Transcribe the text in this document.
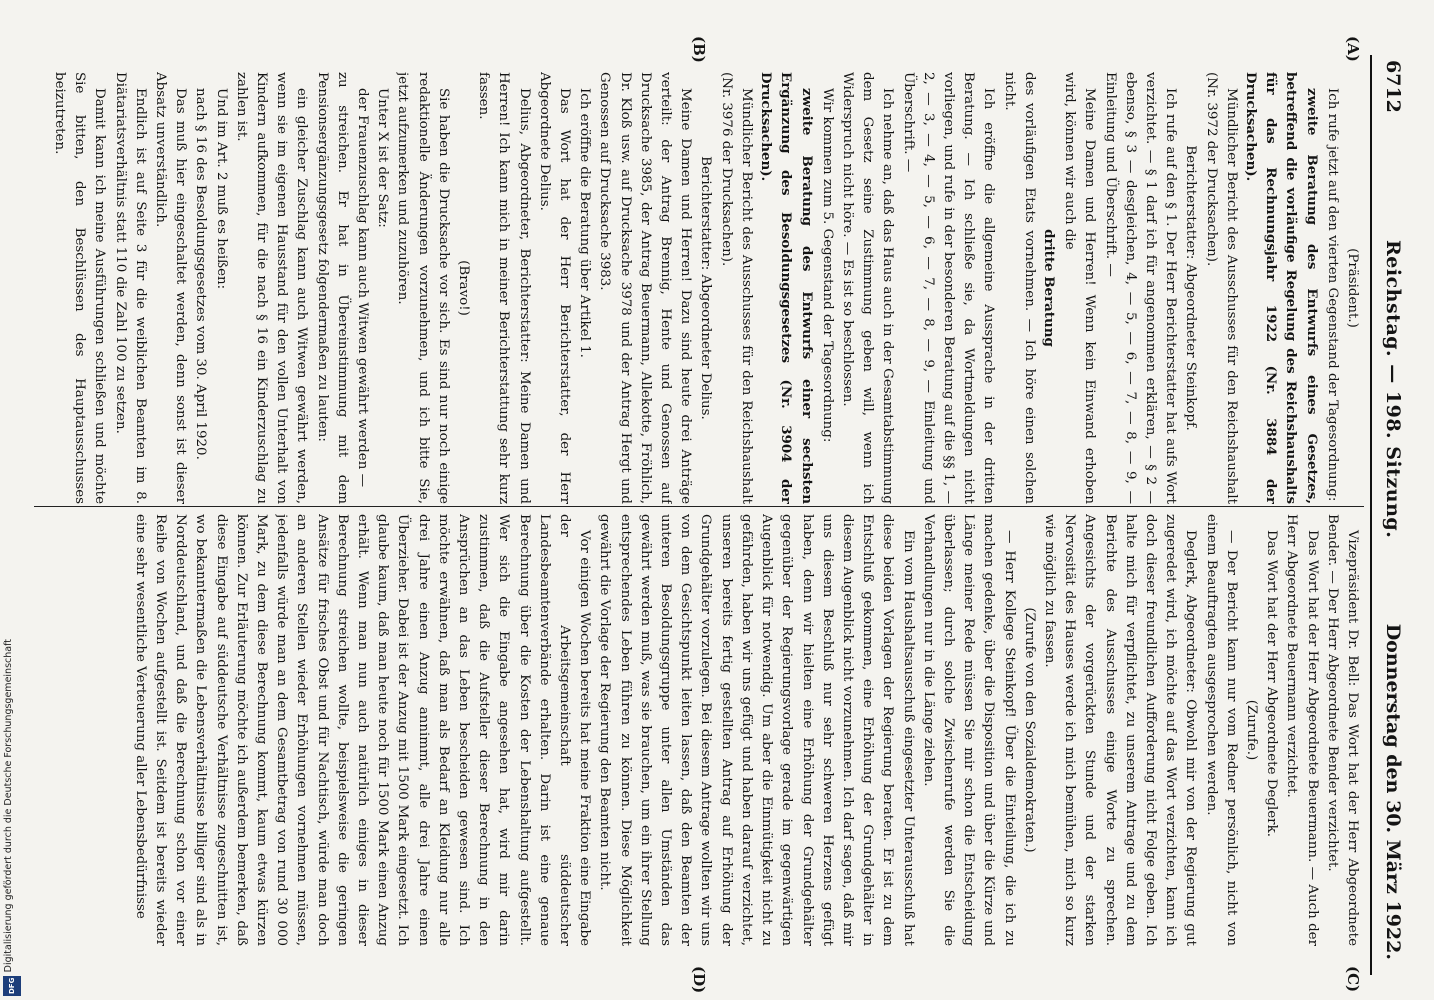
6712
Reichstag. — 198. Sitzung.
Donnerstag den 30. März 1922.
(A)
(B)
(C)
(D)

(Präsident.)

Ich rufe jetzt auf den vierten Gegenstand der Tagesordnung:

zweite Beratung des Entwurfs eines Gesetzes, betreffend die vorläufige Regelung des Reichshaushalts für das Rechnungsjahr 1922 (Nr. 3884 der Drucksachen).

Mündlicher Bericht des Ausschusses für den Reichshaushalt (Nr. 3972 der Drucksachen).

Berichterstatter: Abgeordneter Steinkopf.

Ich rufe auf den § 1. Der Herr Berichterstatter hat aufs Wort verzichtet. — § 1 darf ich für angenommen erklären, — § 2 — ebenso, § 3 — desgleichen, 4, — 5, — 6, — 7, — 8, — 9, — Einleitung und Überschrift. —

Meine Damen und Herren! Wenn kein Einwand erhoben wird, können wir auch die

dritte Beratung

des vorläufigen Etats vornehmen. — Ich höre einen solchen nicht.

Ich eröffne die allgemeine Aussprache in der dritten Beratung. — Ich schließe sie, da Wortmeldungen nicht vorliegen, und rufe in der besonderen Beratung auf die §§ 1, — 2, — 3, — 4, — 5, — 6, — 7, — 8, — 9, — Einleitung und Überschrift. —

Ich nehme an, daß das Haus auch in der Gesamtabstimmung dem Gesetz seine Zustimmung geben will, wenn ich Widerspruch nicht höre. — Es ist so beschlossen.

Wir kommen zum 5. Gegenstand der Tagesordnung:

zweite Beratung des Entwurfs einer sechsten Ergänzung des Besoldungsgesetzes (Nr. 3904 der Drucksachen).

Mündlicher Bericht des Ausschusses für den Reichshaushalt (Nr. 3976 der Drucksachen).

Berichterstatter: Abgeordneter Delius.

Meine Damen und Herren! Dazu sind heute drei Anträge verteilt: der Antrag Brennig, Hente und Genossen auf Drucksache 3985, der Antrag Beuermann, Allekotte, Fröhlich, Dr. Kloß usw. auf Drucksache 3978 und der Antrag Hergt und Genossen auf Drucksache 3983.

Ich eröffne die Beratung über Artikel 1.

Das Wort hat der Herr Berichterstatter, der Herr Abgeordnete Delius.

Delius, Abgeordneter, Berichterstatter: Meine Damen und Herren! Ich kann mich in meiner Berichterstattung sehr kurz fassen.

(Bravo!)

Sie haben die Drucksache vor sich. Es sind nur noch einige redaktionelle Änderungen vorzunehmen, und ich bitte Sie, jetzt aufzumerken und zuzuhören.

Unter X ist der Satz:

der Frauenzuschlag kann auch Witwen gewährt werden —

zu streichen. Er hat in Übereinstimmung mit dem Pensionsergänzungsgesetz folgendermaßen zu lauten:

ein gleicher Zuschlag kann auch Witwen gewährt werden, wenn sie im eigenen Hausstand für den vollen Unterhalt von Kindern aufkommen, für die nach § 16 ein Kinderzuschlag zu zahlen ist.

Und im Art. 2 muß es heißen:

nach § 16 des Besoldungsgesetzes vom 30. April 1920.

Das muß hier eingeschaltet werden, denn sonst ist dieser Absatz unverständlich.

Endlich ist auf Seite 3 für die weiblichen Beamten im 8. Diätariatsverhältnis statt 110 die Zahl 100 zu setzen.

Damit kann ich meine Ausführungen schließen und möchte Sie bitten, den Beschlüssen des Hauptausschusses beizutreten.

Vizepräsident Dr. Bell: Das Wort hat der Herr Abgeordnete Bender. — Der Herr Abgeordnete Bender verzichtet.

Das Wort hat der Herr Abgeordnete Beuermann. — Auch der Herr Abgeordnete Beuermann verzichtet.

Das Wort hat der Herr Abgeordnete Deglerk.

(Zurufe.)

— Der Bericht kann nur vom Redner persönlich, nicht von einem Beauftragten ausgesprochen werden.

Deglerk, Abgeordneter: Obwohl mir von der Regierung gut zugeredet wird, ich möchte auf das Wort verzichten, kann ich doch dieser freundlichen Aufforderung nicht Folge geben. Ich halte mich für verpflichtet, zu unserem Antrage und zu dem Berichte des Ausschusses einige Worte zu sprechen. Angesichts der vorgerückten Stunde und der starken Nervosität des Hauses werde ich mich bemühen, mich so kurz wie möglich zu fassen.

(Zurufe von den Sozialdemokraten.)

— Herr Kollege Steinkopf! Über die Einteilung, die ich zu machen gedenke, über die Disposition und über die Kürze und Länge meiner Rede müssen Sie mir schon die Entscheidung überlassen; durch solche Zwischenrufe werden Sie die Verhandlungen nur in die Länge ziehen.

Ein vom Haushaltsausschuß eingesetzter Unterausschuß hat diese beiden Vorlagen der Regierung beraten. Er ist zu dem Entschluß gekommen, eine Erhöhung der Grundgehälter in diesem Augenblick nicht vorzunehmen. Ich darf sagen, daß mir uns diesem Beschluß nur sehr schweren Herzens gefügt haben, denn wir hielten eine Erhöhung der Grundgehälter gegenüber der Regierungsvorlage gerade im gegenwärtigen Augenblick für notwendig. Um aber die Einmütigkeit nicht zu gefährden, haben wir uns gefügt und haben darauf verzichtet, unseren bereits fertig gestellten Antrag auf Erhöhung der Grundgehälter vorzulegen. Bei diesem Antrage wollten wir uns von dem Gesichtspunkt leiten lassen, daß den Beamten der unteren Besoldungsgruppe unter allen Umständen das gewährt werden muß, was sie brauchen, um ein ihrer Stellung entsprechendes Leben führen zu können. Diese Möglichkeit gewährt die Vorlage der Regierung den Beamten nicht.

Vor einigen Wochen bereits hat meine Fraktion eine Eingabe der Arbeitsgemeinschaft süddeutscher Landesbeamtenverbände erhalten. Darin ist eine genaue Berechnung über die Kosten der Lebenshaltung aufgestellt. Wer sich die Eingabe angesehen hat, wird mir darin zustimmen, daß die Aufsteller dieser Berechnung in den Ansprüchen an das Leben bescheiden gewesen sind. Ich möchte erwähnen, daß man als Bedarf an Kleidung nur alle drei Jahre einen Anzug annimmt, alle drei Jahre einen Überzieher. Dabei ist der Anzug mit 1500 Mark eingesetzt. Ich glaube kaum, daß man heute noch für 1500 Mark einen Anzug erhält. Wenn man nun auch natürlich einiges in dieser Berechnung streichen wollte, beispielsweise die geringen Ansätze für frisches Obst und für Nachtisch, würde man doch an anderen Stellen wieder Erhöhungen vornehmen müssen, jedenfalls würde man an dem Gesamtbetrag von rund 30 000 Mark, zu dem diese Berechnung kommt, kaum etwas kürzen können. Zur Erläuterung möchte ich außerdem bemerken, daß diese Eingabe auf süddeutsche Verhältnisse zugeschnitten ist, wo bekanntermaßen die Lebensverhältnisse billiger sind als in Norddeutschland, und daß die Berechnung schon vor einer Reihe von Wochen aufgestellt ist. Seitdem ist bereits wieder eine sehr wesentliche Verteuerung aller Lebensbedürfnisse

Digitalisierung gefördert durch die Deutsche Forschungsgemeinschaft
DFG
